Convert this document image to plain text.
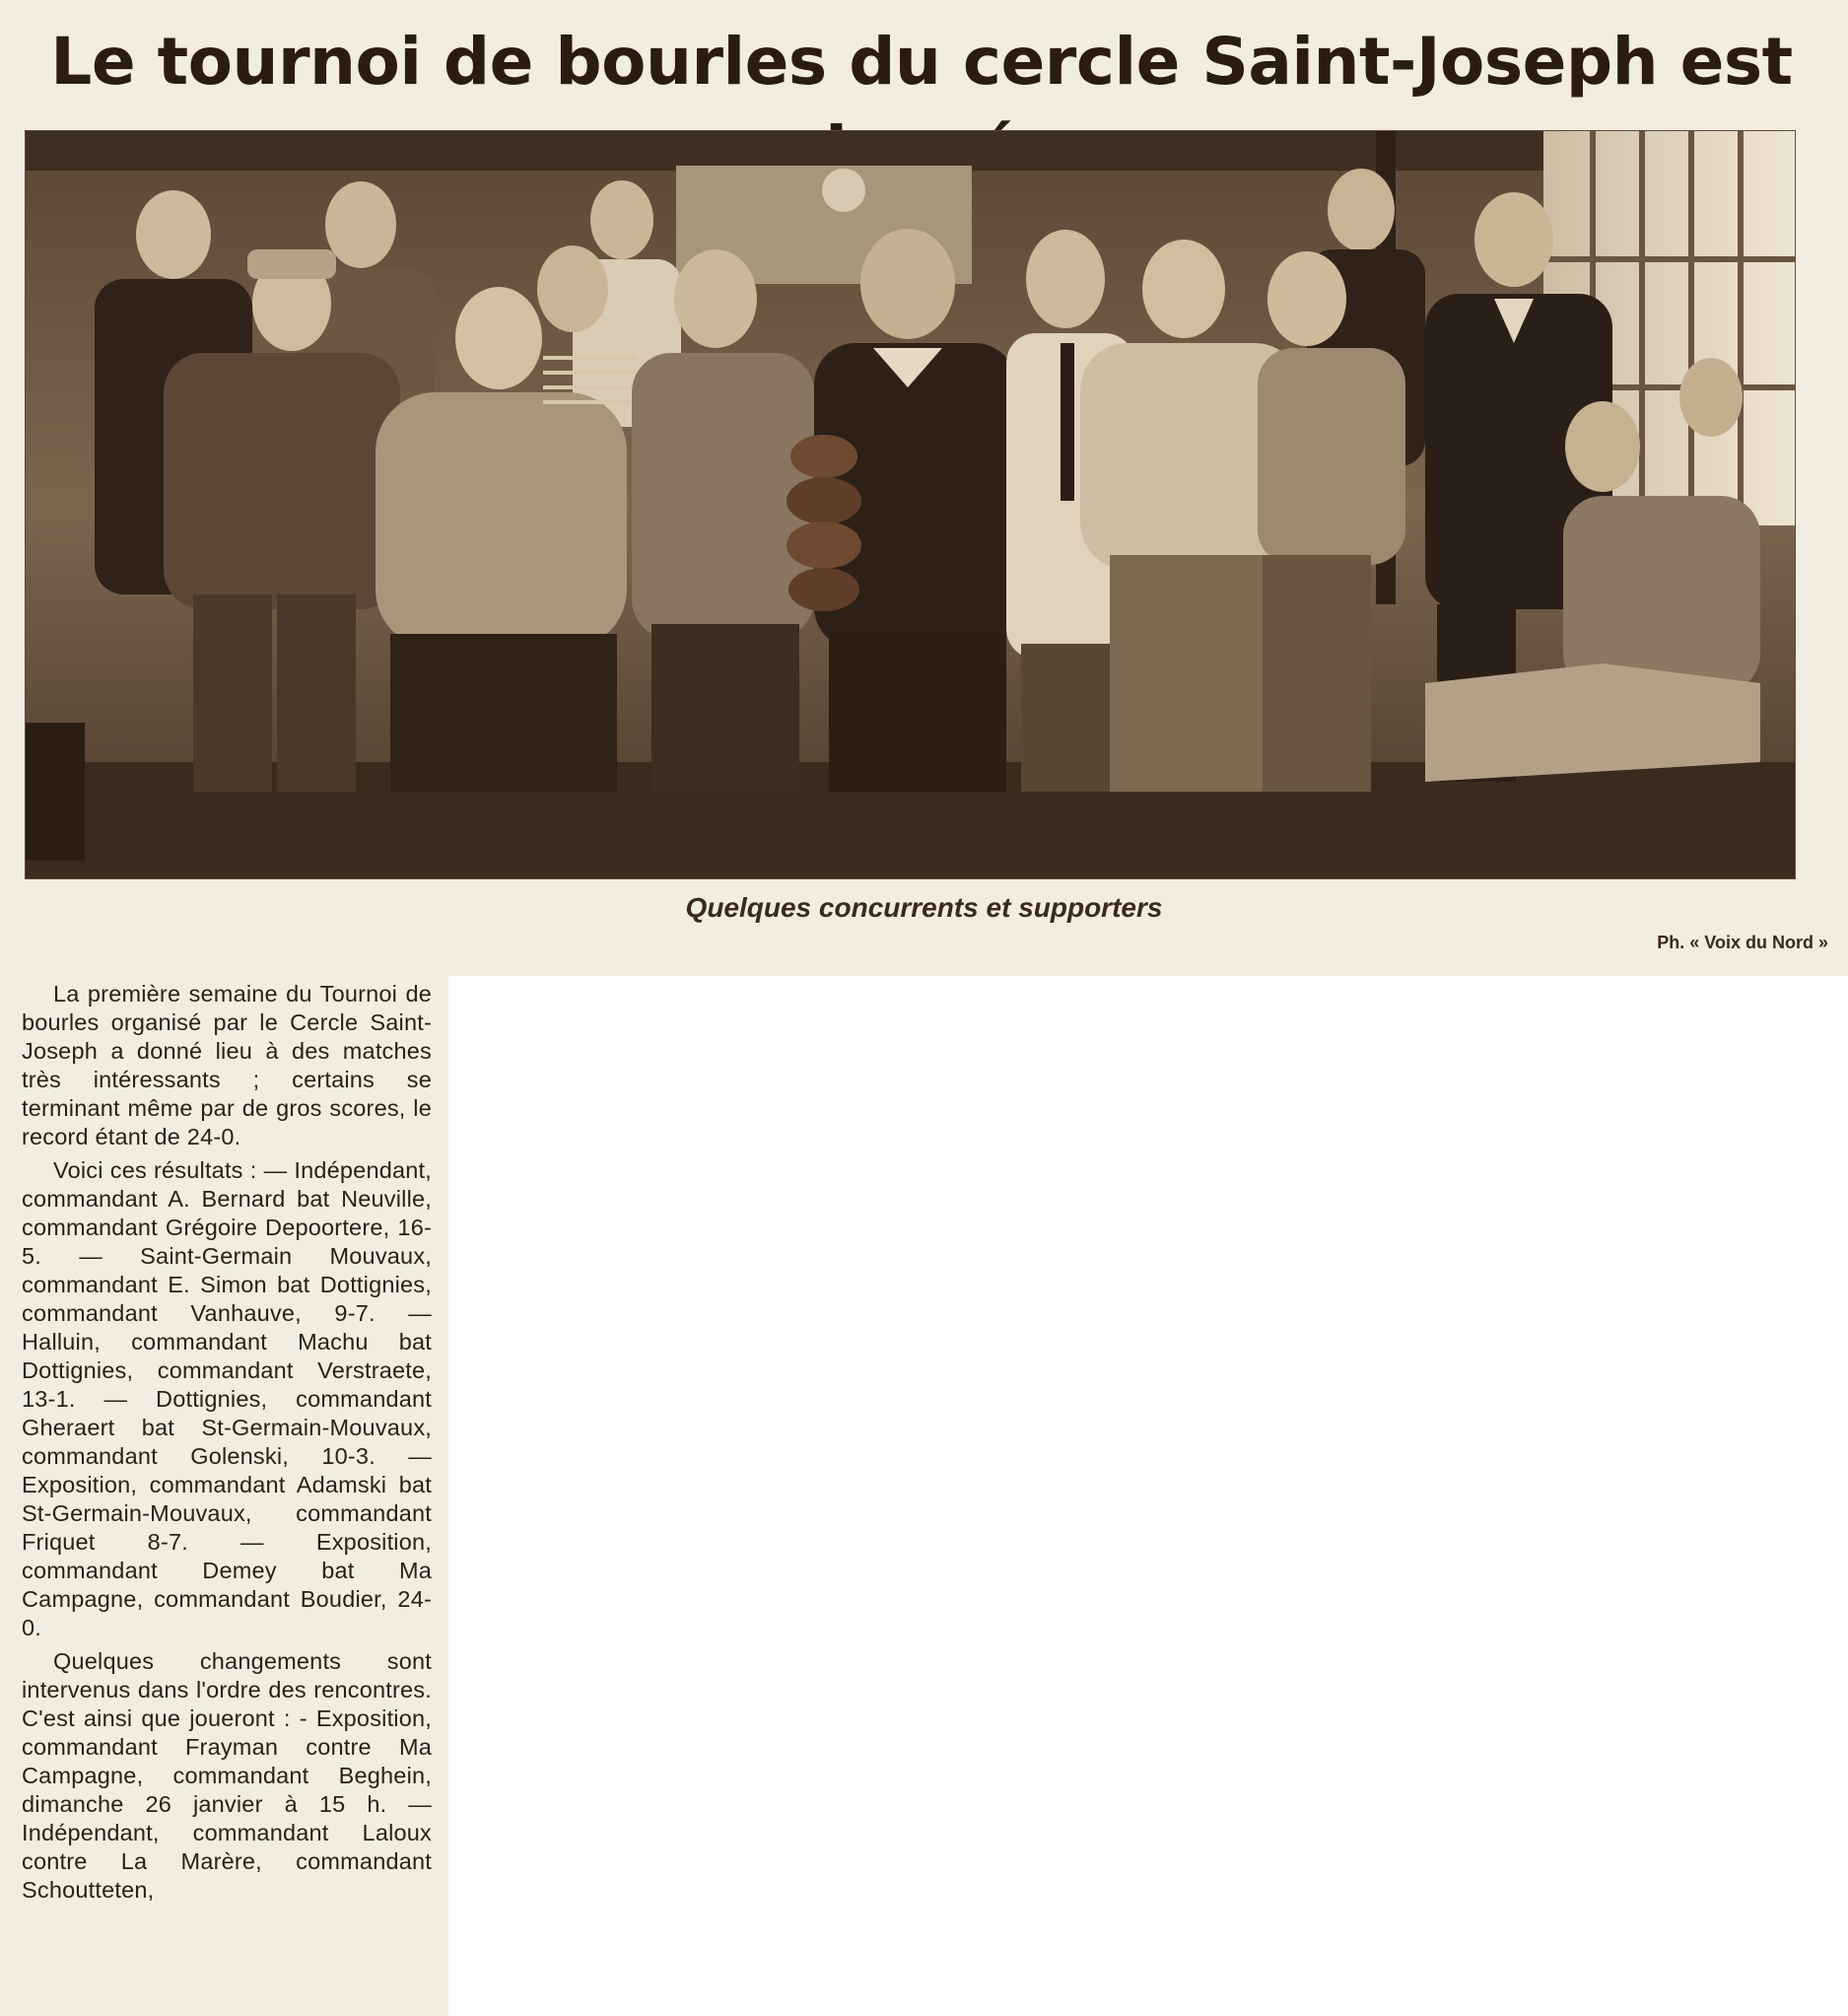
Le tournoi de bourles du cercle Saint-Joseph est
Quelques concurrents et supporters
Ph. « Voix du Nord »

La première semaine du Tournoi de bourles organisé par le Cercle Saint-Joseph a donné lieu à des matches très intéressants ; certains se terminant même par de gros scores, le record étant de 24-0.

Voici ces résultats : — Indépendant, commandant A. Bernard bat Neuville, commandant Grégoire Depoortere, 16-5. — Saint-Germain Mouvaux, commandant E. Simon bat Dottignies, commandant Vanhauve, 9-7. — Halluin, commandant Machu bat Dottignies, commandant Verstraete, 13-1. — Dottignies, commandant Gheraert bat St-Germain-Mouvaux, commandant Golenski, 10-3. — Exposition, commandant Adamski bat St-Germain-Mouvaux, commandant Friquet 8-7. — Exposition, commandant Demey bat Ma Campagne, commandant Boudier, 24-0.

Quelques changements sont intervenus dans l'ordre des rencontres. C'est ainsi que joueront : - Exposition, commandant Frayman contre Ma Campagne, commandant Beghein, dimanche 26 janvier à 15 h. — Indépendant, commandant Laloux contre La Marère, commandant Schoutteten,
